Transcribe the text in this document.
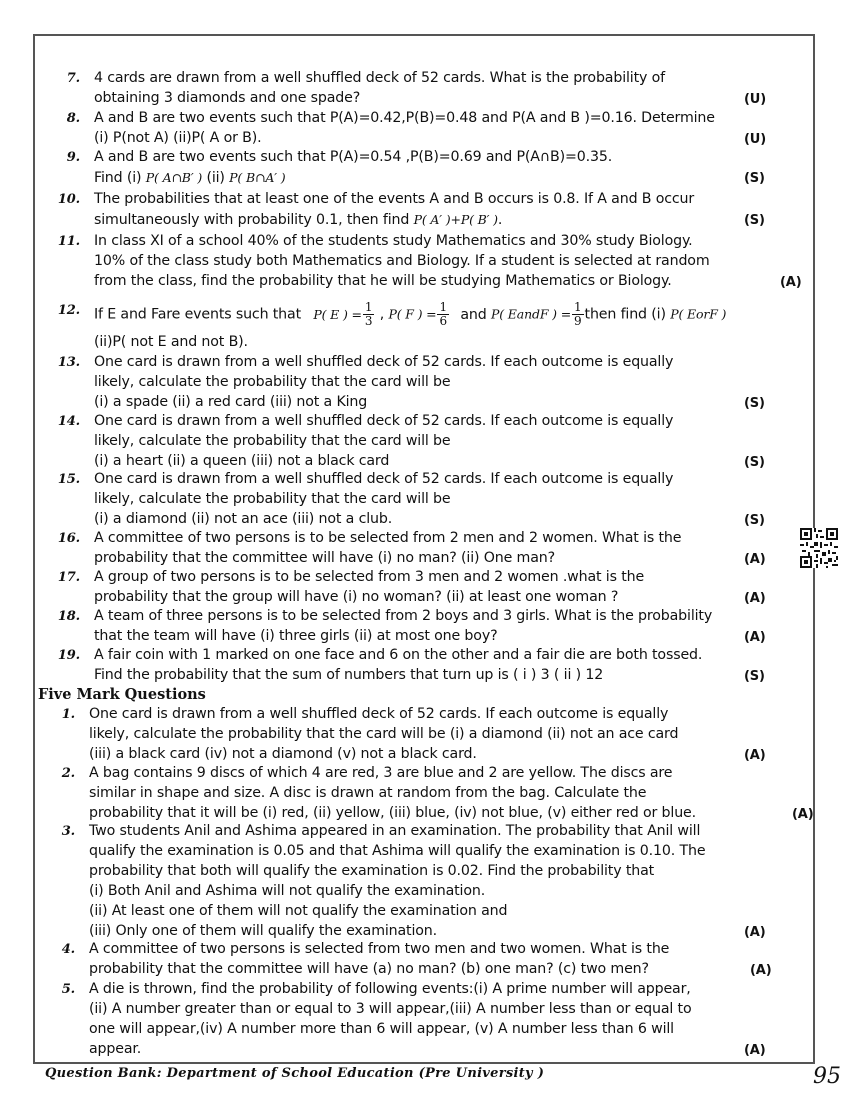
7. 4 cards are drawn from a well shuffled deck of 52 cards. What is the probability of
obtaining 3 diamonds and one spade?	(U)
8. A and B are two events such that P(A)=0.42,P(B)=0.48 and P(A and B )=0.16. Determine
(i) P(not A) (ii)P( A or B).	(U)
9. A and B are two events such that P(A)=0.54 ,P(B)=0.69 and P(A∩B)=0.35.
Find (i) P( A∩B′ ) (ii) P( B∩A′ )	(S)
10. The probabilities that at least one of the events A and B occurs is 0.8. If A and B occur
simultaneously with probability 0.1, then find P( A′ )+P( B′ ).	(S)
11. In class XI of a school 40% of the students study Mathematics and 30% study Biology.
10% of the class study both Mathematics and Biology. If a student is selected at random
from the class, find the probability that he will be studying Mathematics or Biology.	(A)
12. If E and Fare events such that P( E ) = $\frac{1}{3}$ , P( F ) = $\frac{1}{6}$ and P( EandF ) = $\frac{1}{9}$ then find (i) P( EorF )
(ii)P( not E and not B).
13. One card is drawn from a well shuffled deck of 52 cards. If each outcome is equally
likely, calculate the probability that the card will be
(i) a spade (ii) a red card (iii) not a King	(S)
14. One card is drawn from a well shuffled deck of 52 cards. If each outcome is equally
likely, calculate the probability that the card will be
(i) a heart (ii) a queen (iii) not a black card	(S)
15. One card is drawn from a well shuffled deck of 52 cards. If each outcome is equally
likely, calculate the probability that the card will be
(i) a diamond (ii) not an ace (iii) not a club.	(S)
16. A committee of two persons is to be selected from 2 men and 2 women. What is the
probability that the committee will have (i) no man? (ii) One man?	(A)
17. A group of two persons is to be selected from 3 men and 2 women .what is the
probability that the group will have (i) no woman? (ii) at least one woman ?	(A)
18. A team of three persons is to be selected from 2 boys and 3 girls. What is the probability
that the team will have (i) three girls (ii) at most one boy?	(A)
19. A fair coin with 1 marked on one face and 6 on the other and a fair die are both tossed.
Find the probability that the sum of numbers that turn up is ( i ) 3 ( ii ) 12	(S)
Five Mark Questions
1. One card is drawn from a well shuffled deck of 52 cards. If each outcome is equally
likely, calculate the probability that the card will be (i) a diamond (ii) not an ace card
(iii) a black card (iv) not a diamond (v) not a black card.	(A)
2. A bag contains 9 discs of which 4 are red, 3 are blue and 2 are yellow. The discs are
similar in shape and size. A disc is drawn at random from the bag. Calculate the
probability that it will be (i) red, (ii) yellow, (iii) blue, (iv) not blue, (v) either red or blue.	(A)
3. Two students Anil and Ashima appeared in an examination. The probability that Anil will
qualify the examination is 0.05 and that Ashima will qualify the examination is 0.10. The
probability that both will qualify the examination is 0.02. Find the probability that
(i) Both Anil and Ashima will not qualify the examination.
(ii) At least one of them will not qualify the examination and
(iii) Only one of them will qualify the examination.	(A)
4. A committee of two persons is selected from two men and two women. What is the
probability that the committee will have (a) no man? (b) one man? (c) two men?	(A)
5. A die is thrown, find the probability of following events:(i) A prime number will appear,
(ii) A number greater than or equal to 3 will appear,(iii) A number less than or equal to
one will appear,(iv) A number more than 6 will appear, (v) A number less than 6 will
appear.	(A)
Question Bank: Department of School Education (Pre University )	95
